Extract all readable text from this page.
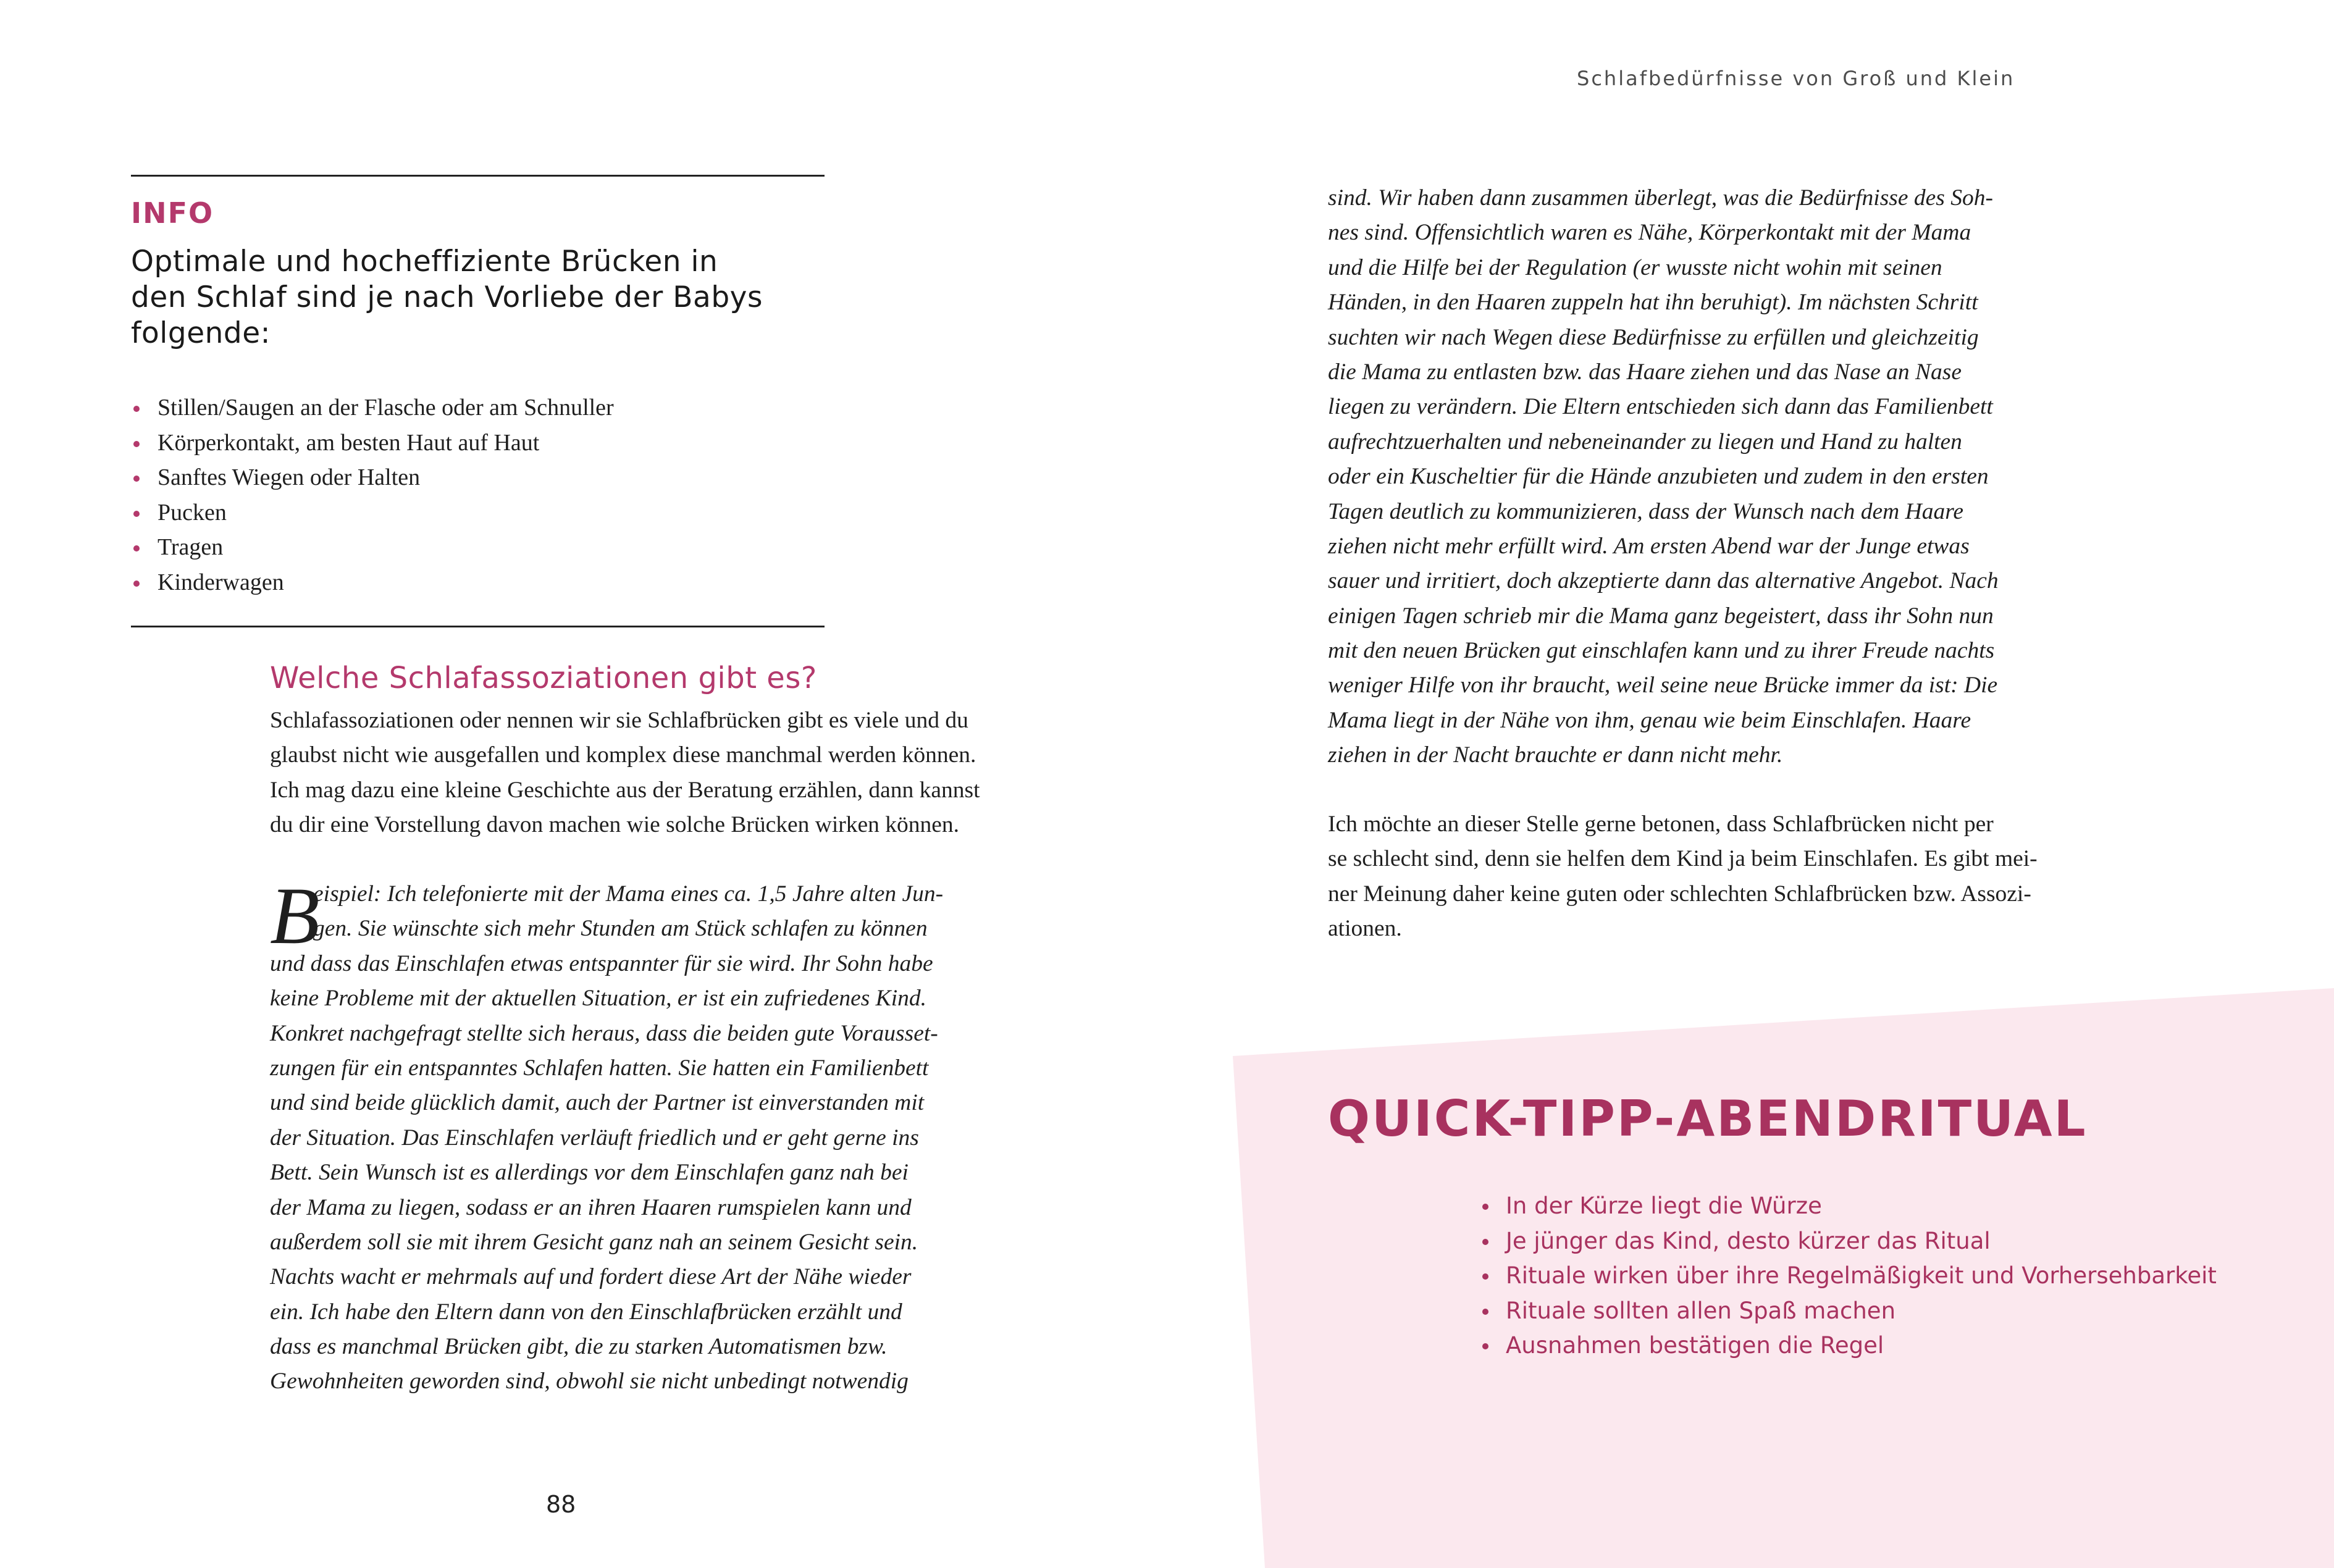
Schlafbedürfnisse von Groß und Klein
INFO
Optimale und hocheffiziente Brücken in
den Schlaf sind je nach Vorliebe der Babys
folgende:
Stillen/Saugen an der Flasche oder am Schnuller
Körperkontakt, am besten Haut auf Haut
Sanftes Wiegen oder Halten
Pucken
Tragen
Kinderwagen
Welche Schlafassoziationen gibt es?
Schlafassoziationen oder nennen wir sie Schlafbrücken gibt es viele und du
glaubst nicht wie ausgefallen und komplex diese manchmal werden können.
Ich mag dazu eine kleine Geschichte aus der Beratung erzählen, dann kannst
du dir eine Vorstellung davon machen wie solche Brücken wirken können.
B
eispiel: Ich telefonierte mit der Mama eines ca. 1,5 Jahre alten Jun-
gen. Sie wünschte sich mehr Stunden am Stück schlafen zu können
und dass das Einschlafen etwas entspannter für sie wird. Ihr Sohn habe
keine Probleme mit der aktuellen Situation, er ist ein zufriedenes Kind.
Konkret nachgefragt stellte sich heraus, dass die beiden gute Vorausset-
zungen für ein entspanntes Schlafen hatten. Sie hatten ein Familienbett
und sind beide glücklich damit, auch der Partner ist einverstanden mit
der Situation. Das Einschlafen verläuft friedlich und er geht gerne ins
Bett. Sein Wunsch ist es allerdings vor dem Einschlafen ganz nah bei
der Mama zu liegen, sodass er an ihren Haaren rumspielen kann und
außerdem soll sie mit ihrem Gesicht ganz nah an seinem Gesicht sein.
Nachts wacht er mehrmals auf und fordert diese Art der Nähe wieder
ein. Ich habe den Eltern dann von den Einschlafbrücken erzählt und
dass es manchmal Brücken gibt, die zu starken Automatismen bzw.
Gewohnheiten geworden sind, obwohl sie nicht unbedingt notwendig
88
sind. Wir haben dann zusammen überlegt, was die Bedürfnisse des Soh-
nes sind. Offensichtlich waren es Nähe, Körperkontakt mit der Mama
und die Hilfe bei der Regulation (er wusste nicht wohin mit seinen
Händen, in den Haaren zuppeln hat ihn beruhigt). Im nächsten Schritt
suchten wir nach Wegen diese Bedürfnisse zu erfüllen und gleichzeitig
die Mama zu entlasten bzw. das Haare ziehen und das Nase an Nase
liegen zu verändern. Die Eltern entschieden sich dann das Familienbett
aufrechtzuerhalten und nebeneinander zu liegen und Hand zu halten
oder ein Kuscheltier für die Hände anzubieten und zudem in den ersten
Tagen deutlich zu kommunizieren, dass der Wunsch nach dem Haare
ziehen nicht mehr erfüllt wird. Am ersten Abend war der Junge etwas
sauer und irritiert, doch akzeptierte dann das alternative Angebot. Nach
einigen Tagen schrieb mir die Mama ganz begeistert, dass ihr Sohn nun
mit den neuen Brücken gut einschlafen kann und zu ihrer Freude nachts
weniger Hilfe von ihr braucht, weil seine neue Brücke immer da ist: Die
Mama liegt in der Nähe von ihm, genau wie beim Einschlafen. Haare
ziehen in der Nacht brauchte er dann nicht mehr.
Ich möchte an dieser Stelle gerne betonen, dass Schlafbrücken nicht per
se schlecht sind, denn sie helfen dem Kind ja beim Einschlafen. Es gibt mei-
ner Meinung daher keine guten oder schlechten Schlafbrücken bzw. Assozi-
ationen.
QUICK-TIPP-ABENDRITUAL
In der Kürze liegt die Würze
Je jünger das Kind, desto kürzer das Ritual
Rituale wirken über ihre Regelmäßigkeit und Vorhersehbarkeit
Rituale sollten allen Spaß machen
Ausnahmen bestätigen die Regel
